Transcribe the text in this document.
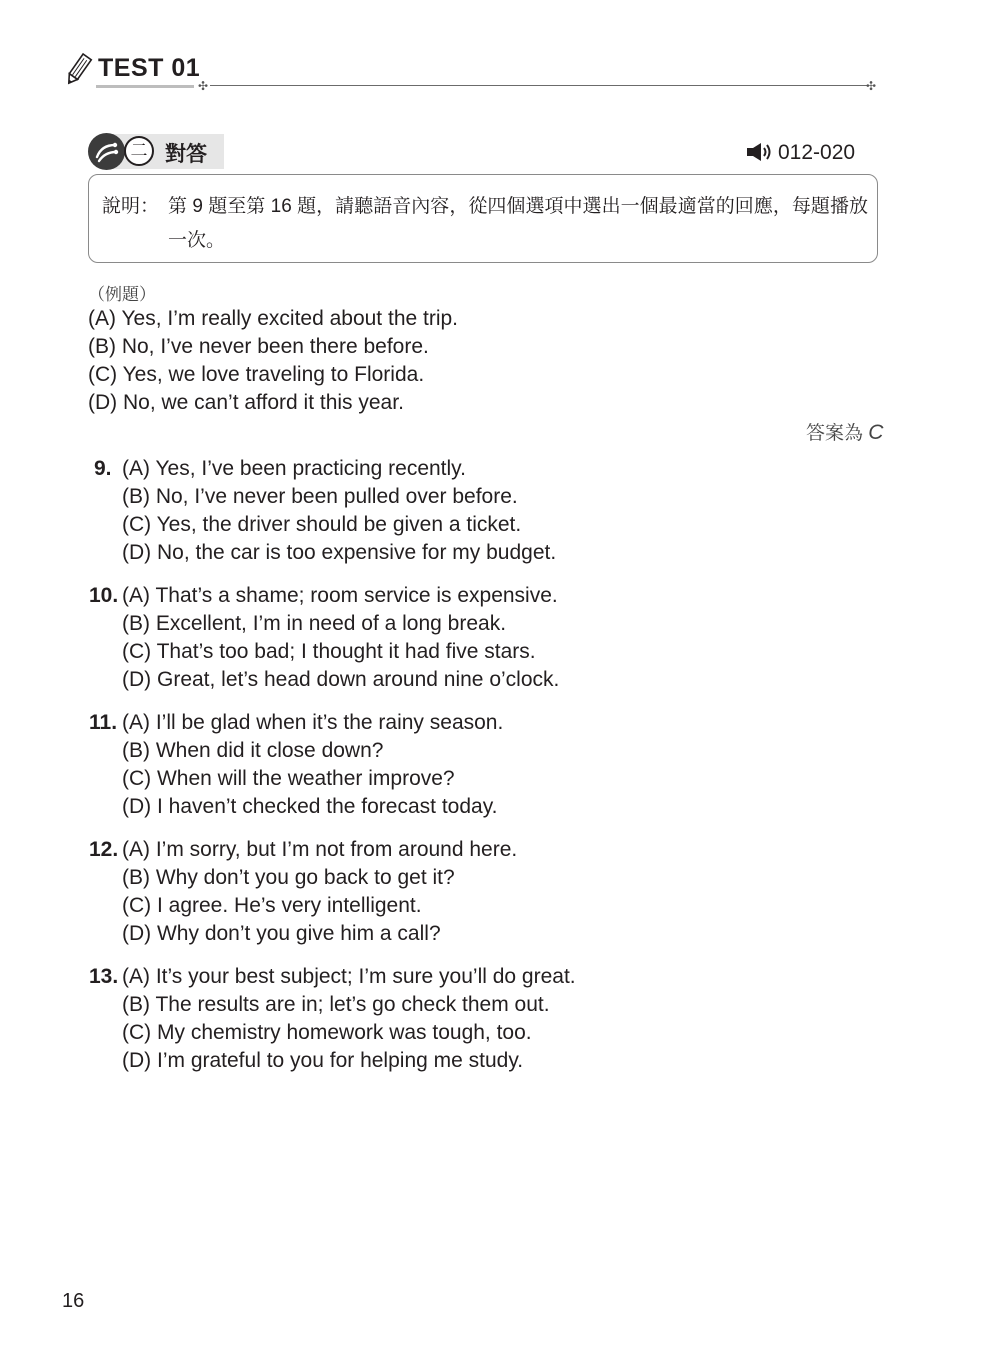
TEST 01
✣	✣
二 對答	012-020
說明： 第 9 題至第 16 題，請聽語音內容，從四個選項中選出一個最適當的回應，每題播放一次。
（例題）
(A) Yes, I’m really excited about the trip.
(B) No, I’ve never been there before.
(C) Yes, we love traveling to Florida.
(D) No, we can’t afford it this year.
答案為 C
9. (A) Yes, I’ve been practicing recently.
(B) No, I’ve never been pulled over before.
(C) Yes, the driver should be given a ticket.
(D) No, the car is too expensive for my budget.
10. (A) That’s a shame; room service is expensive.
(B) Excellent, I’m in need of a long break.
(C) That’s too bad; I thought it had five stars.
(D) Great, let’s head down around nine o’clock.
11. (A) I’ll be glad when it’s the rainy season.
(B) When did it close down?
(C) When will the weather improve?
(D) I haven’t checked the forecast today.
12. (A) I’m sorry, but I’m not from around here.
(B) Why don’t you go back to get it?
(C) I agree. He’s very intelligent.
(D) Why don’t you give him a call?
13. (A) It’s your best subject; I’m sure you’ll do great.
(B) The results are in; let’s go check them out.
(C) My chemistry homework was tough, too.
(D) I’m grateful to you for helping me study.
16
